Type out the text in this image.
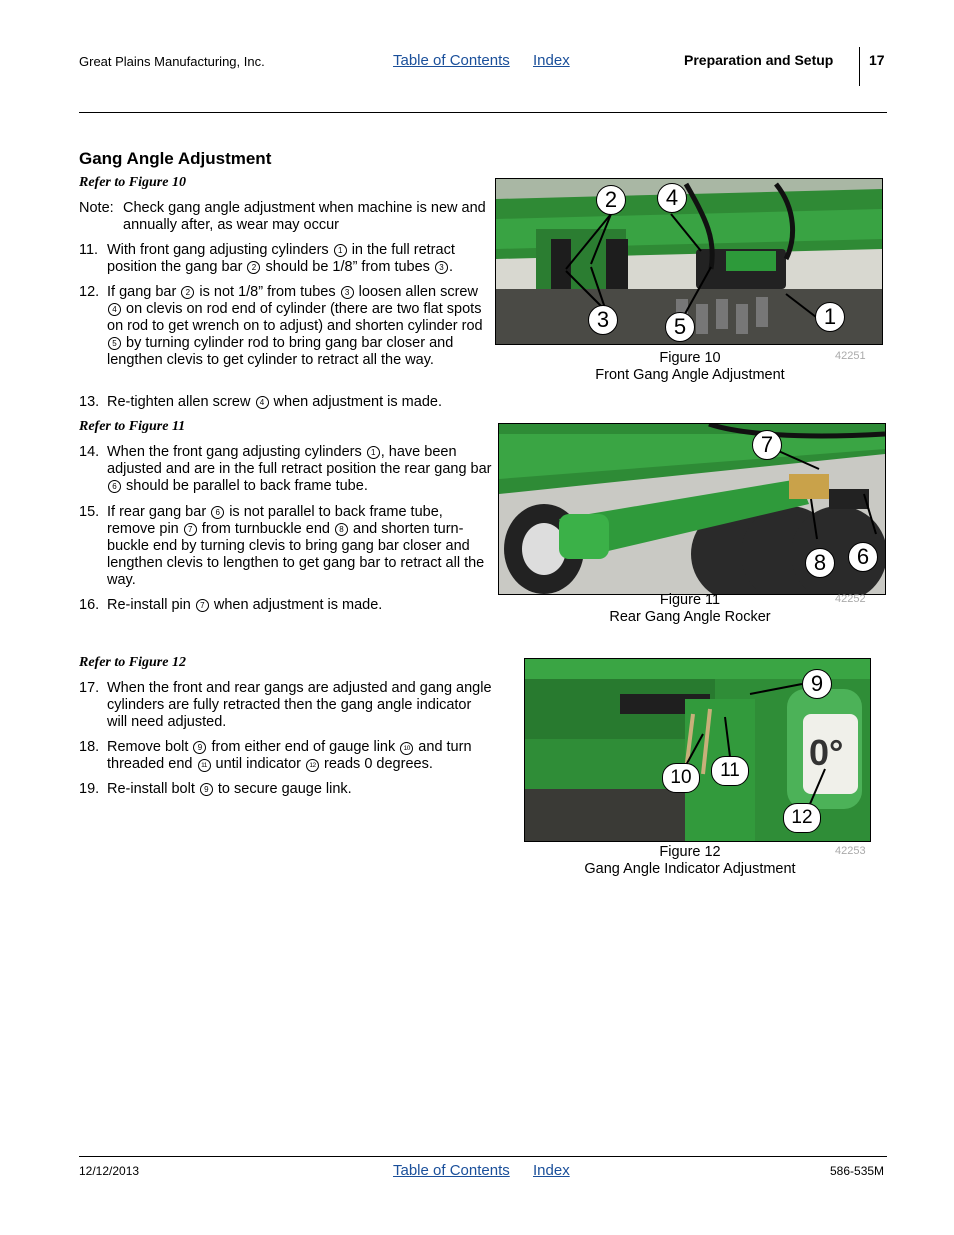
Great Plains Manufacturing, Inc.	Table of Contents Index	Preparation and Setup	17
Gang Angle Adjustment
Refer to Figure 10
Refer to Figure 11
Refer to Figure 12
Note: Check gang angle adjustment when machine is new and annually after, as wear may occur
11. With front gang adjusting cylinders 1 in the full retract position the gang bar 2 should be 1/8” from tubes 3 .
12. If gang bar 2 is not 1/8” from tubes 3 loosen allen screw 4 on clevis on rod end of cylinder (there are two flat spots on rod to get wrench on to adjust) and shorten cylinder rod 5 by turning cylinder rod to bring gang bar closer and lengthen clevis to get cylinder to retract all the way.
13. Re-tighten allen screw 4 when adjustment is made.
14. When the front gang adjusting cylinders 1 , have been adjusted and are in the full retract position the rear gang bar 6 should be parallel to back frame tube.
15. If rear gang bar 6 is not parallel to back frame tube, remove pin 7 from turnbuckle end 8 and shorten turn-buckle end by turning clevis to bring gang bar closer and lengthen clevis to lengthen to get gang bar to retract all the way.
16. Re-install pin 7 when adjustment is made.
17. When the front and rear gangs are adjusted and gang angle cylinders are fully retracted then the gang angle indicator will need adjusted.
18. Remove bolt 9 from either end of gauge link 10 and turn threaded end 11 until indicator 12 reads 0 degrees.
19. Re-install bolt 9 to secure gauge link.
2	4
3	5	1
Figure 10
Front Gang Angle Adjustment
42251
7
8	6
Figure 11
Rear Gang Angle Rocker
42252
0°
9
10	11
12
Figure 12
Gang Angle Indicator Adjustment
42253
12/12/2013	Table of Contents Index	586-535M
